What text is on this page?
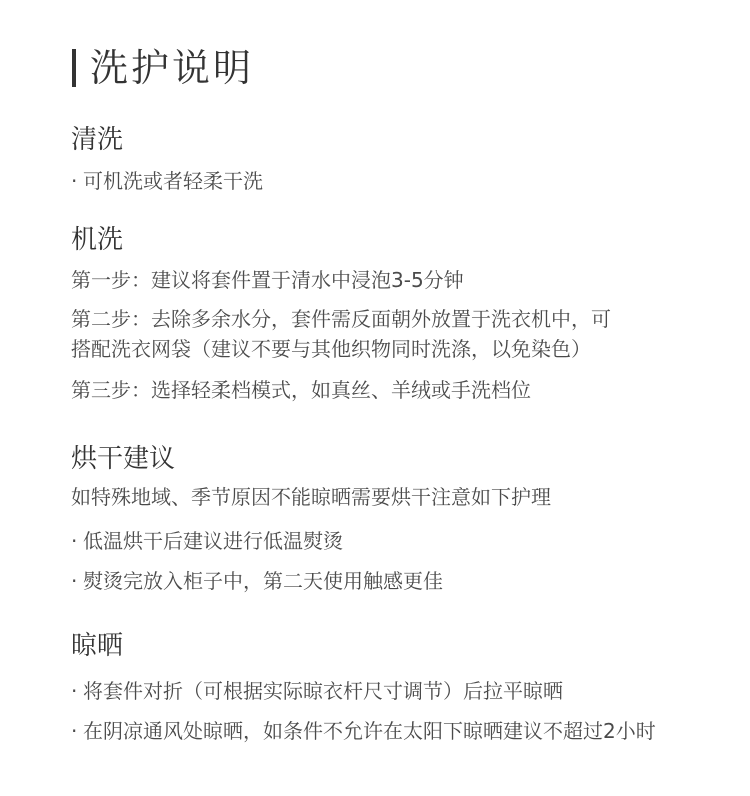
洗护说明
清洗
· 可机洗或者轻柔干洗
机洗
第一步：建议将套件置于清水中浸泡3-5分钟
第二步：去除多余水分，套件需反面朝外放置于洗衣机中，可
搭配洗衣网袋（建议不要与其他织物同时洗涤，以免染色）
第三步：选择轻柔档模式，如真丝、羊绒或手洗档位
烘干建议
如特殊地域、季节原因不能晾晒需要烘干注意如下护理
· 低温烘干后建议进行低温熨烫
· 熨烫完放入柜子中，第二天使用触感更佳
晾晒
· 将套件对折（可根据实际晾衣杆尺寸调节）后拉平晾晒
· 在阴凉通风处晾晒，如条件不允许在太阳下晾晒建议不超过2小时
